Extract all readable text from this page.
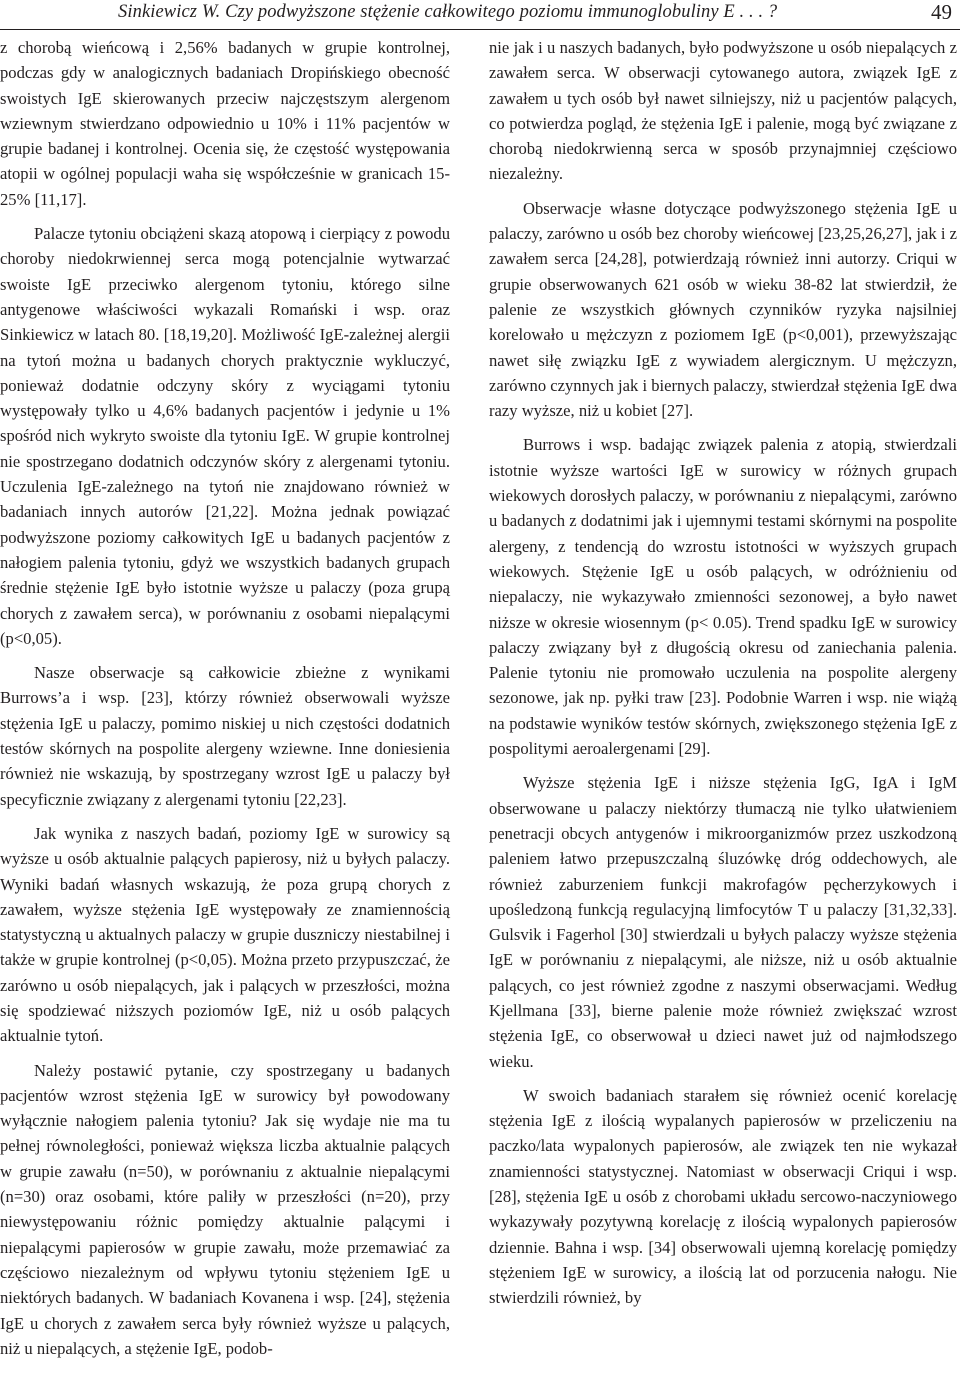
Sinkiewicz W. Czy podwyższone stężenie całkowitego poziomu immunoglobuliny E . . . ?	49

z chorobą wieńcową i 2,56% badanych w grupie kontrolnej, podczas gdy w analogicznych badaniach Dropińskiego obecność swoistych IgE skierowanych przeciw najczęstszym alergenom wziewnym stwierdzano odpowiednio u 10% i 11% pacjentów w grupie badanej i kontrolnej. Ocenia się, że częstość występowania atopii w ogólnej populacji waha się współcześnie w granicach 15-25% [11,17].

Palacze tytoniu obciążeni skazą atopową i cierpiący z powodu choroby niedokrwiennej serca mogą potencjalnie wytwarzać swoiste IgE przeciwko alergenom tytoniu, którego silne antygenowe właściwości wykazali Romański i wsp. oraz Sinkiewicz w latach 80. [18,19,20]. Możliwość IgE-zależnej alergii na tytoń można u badanych chorych praktycznie wykluczyć, ponieważ dodatnie odczyny skóry z wyciągami tytoniu występowały tylko u 4,6% badanych pacjentów i jedynie u 1% spośród nich wykryto swoiste dla tytoniu IgE. W grupie kontrolnej nie spostrzegano dodatnich odczynów skóry z alergenami tytoniu. Uczulenia IgE-zależnego na tytoń nie znajdowano również w badaniach innych autorów [21,22]. Można jednak powiązać podwyższone poziomy całkowitych IgE u badanych pacjentów z nałogiem palenia tytoniu, gdyż we wszystkich badanych grupach średnie stężenie IgE było istotnie wyższe u palaczy (poza grupą chorych z zawałem serca), w porównaniu z osobami niepalącymi (p<0,05).

Nasze obserwacje są całkowicie zbieżne z wynikami Burrows’a i wsp. [23], którzy również obserwowali wyższe stężenia IgE u palaczy, pomimo niskiej u nich częstości dodatnich testów skórnych na pospolite alergeny wziewne. Inne doniesienia również nie wskazują, by spostrzegany wzrost IgE u palaczy był specyficznie związany z alergenami tytoniu [22,23].

Jak wynika z naszych badań, poziomy IgE w surowicy są wyższe u osób aktualnie palących papierosy, niż u byłych palaczy. Wyniki badań własnych wskazują, że poza grupą chorych z zawałem, wyższe stężenia IgE występowały ze znamiennością statystyczną u aktualnych palaczy w grupie duszniczy niestabilnej i także w grupie kontrolnej (p<0,05). Można przeto przypuszczać, że zarówno u osób niepalących, jak i palących w przeszłości, można się spodziewać niższych poziomów IgE, niż u osób palących aktualnie tytoń.

Należy postawić pytanie, czy spostrzegany u badanych pacjentów wzrost stężenia IgE w surowicy był powodowany wyłącznie nałogiem palenia tytoniu? Jak się wydaje nie ma tu pełnej równoległości, ponieważ większa liczba aktualnie palących w grupie zawału (n=50), w porównaniu z aktualnie niepalącymi (n=30) oraz osobami, które paliły w przeszłości (n=20), przy niewystępowaniu różnic pomiędzy aktualnie palącymi i niepalącymi papierosów w grupie zawału, może przemawiać za częściowo niezależnym od wpływu tytoniu stężeniem IgE u niektórych badanych. W badaniach Kovanena i wsp. [24], stężenia IgE u chorych z zawałem serca były również wyższe u palących, niż u niepalących, a stężenie IgE, podob-

nie jak i u naszych badanych, było podwyższone u osób niepalących z zawałem serca. W obserwacji cytowanego autora, związek IgE z zawałem u tych osób był nawet silniejszy, niż u pacjentów palących, co potwierdza pogląd, że stężenia IgE i palenie, mogą być związane z chorobą niedokrwienną serca w sposób przynajmniej częściowo niezależny.

Obserwacje własne dotyczące podwyższonego stężenia IgE u palaczy, zarówno u osób bez choroby wieńcowej [23,25,26,27], jak i z zawałem serca [24,28], potwierdzają również inni autorzy. Criqui w grupie obserwowanych 621 osób w wieku 38-82 lat stwierdził, że palenie ze wszystkich głównych czynników ryzyka najsilniej korelowało u mężczyzn z poziomem IgE (p<0,001), przewyższając nawet siłę związku IgE z wywiadem alergicznym. U mężczyzn, zarówno czynnych jak i biernych palaczy, stwierdzał stężenia IgE dwa razy wyższe, niż u kobiet [27].

Burrows i wsp. badając związek palenia z atopią, stwierdzali istotnie wyższe wartości IgE w surowicy w różnych grupach wiekowych dorosłych palaczy, w porównaniu z niepalącymi, zarówno u badanych z dodatnimi jak i ujemnymi testami skórnymi na pospolite alergeny, z tendencją do wzrostu istotności w wyższych grupach wiekowych. Stężenie IgE u osób palących, w odróżnieniu od niepalaczy, nie wykazywało zmienności sezonowej, a było nawet niższe w okresie wiosennym (p< 0.05). Trend spadku IgE w surowicy palaczy związany był z długością okresu od zaniechania palenia. Palenie tytoniu nie promowało uczulenia na pospolite alergeny sezonowe, jak np. pyłki traw [23]. Podobnie Warren i wsp. nie wiążą na podstawie wyników testów skórnych, zwiększonego stężenia IgE z pospolitymi aeroalergenami [29].

Wyższe stężenia IgE i niższe stężenia IgG, IgA i IgM obserwowane u palaczy niektórzy tłumaczą nie tylko ułatwieniem penetracji obcych antygenów i mikroorganizmów przez uszkodzoną paleniem łatwo przepuszczalną śluzówkę dróg oddechowych, ale również zaburzeniem funkcji makrofagów pęcherzykowych i upośledzoną funkcją regulacyjną limfocytów T u palaczy [31,32,33]. Gulsvik i Fagerhol [30] stwierdzali u byłych palaczy wyższe stężenia IgE w porównaniu z niepalącymi, ale niższe, niż u osób aktualnie palących, co jest również zgodne z naszymi obserwacjami. Według Kjellmana [33], bierne palenie może również zwiększać wzrost stężenia IgE, co obserwował u dzieci nawet już od najmłodszego wieku.

W swoich badaniach starałem się również ocenić korelację stężenia IgE z ilością wypalanych papierosów w przeliczeniu na paczko/lata wypalonych papierosów, ale związek ten nie wykazał znamienności statystycznej. Natomiast w obserwacji Criqui i wsp. [28], stężenia IgE u osób z chorobami układu sercowo-naczyniowego wykazywały pozytywną korelację z ilością wypalonych papierosów dziennie. Bahna i wsp. [34] obserwowali ujemną korelację pomiędzy stężeniem IgE w surowicy, a ilością lat od porzucenia nałogu. Nie stwierdzili również, by
